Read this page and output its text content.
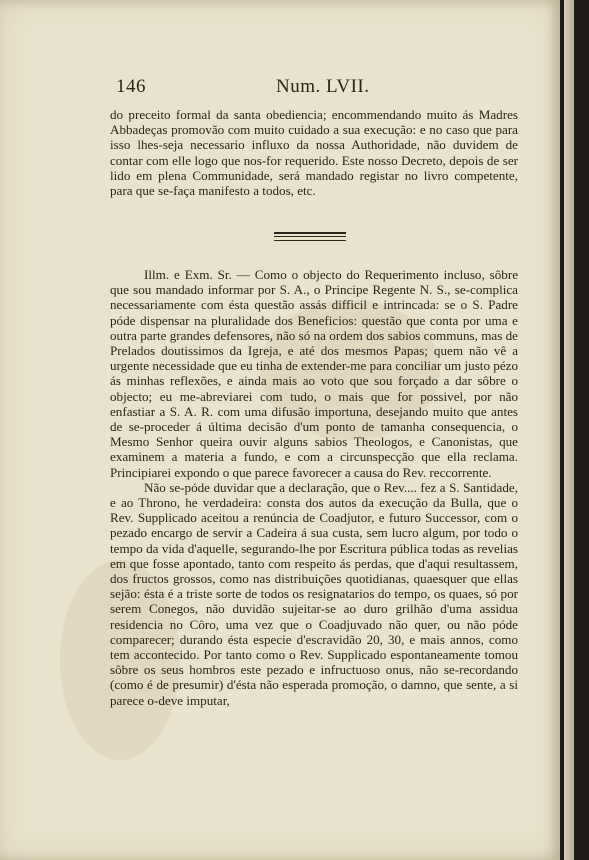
146	Num. LVII.

do preceito formal da santa obediencia; encommendando muito ás Madres Abbadeças promovão com muito cuidado a sua execução: e no caso que para isso lhes-seja necessario influxo da nossa Authoridade, não duvidem de contar com elle logo que nos-for requerido. Este nosso Decreto, depois de ser lido em plena Communidade, será mandado registar no livro competente, para que se-faça manifesto a todos, etc.

Illm. e Exm. Sr. — Como o objecto do Requerimento incluso, sôbre que sou mandado informar por S. A., o Principe Regente N. S., se-complica necessariamente com ésta questão assás difficil e intrincada: se o S. Padre póde dispensar na pluralidade dos Beneficios: questão que conta por uma e outra parte grandes defensores, não só na ordem dos sabios communs, mas de Prelados doutissimos da Igreja, e até dos mesmos Papas; quem não vê a urgente necessidade que eu tinha de extender-me para conciliar um justo pézo ás minhas reflexões, e ainda mais ao voto que sou forçado a dar sôbre o objecto; eu me-abreviarei com tudo, o mais que for possivel, por não enfastiar a S. A. R. com uma difusão importuna, desejando muito que antes de se-proceder á última decisão d'um ponto de tamanha consequencia, o Mesmo Senhor queira ouvir alguns sabios Theologos, e Canonistas, que examinem a materia a fundo, e com a circunspecção que ella reclama. Principiarei expondo o que parece favorecer a causa do Rev. reccorrente.

Não se-póde duvidar que a declaração, que o Rev.... fez a S. Santidade, e ao Throno, he verdadeira: consta dos autos da execução da Bulla, que o Rev. Supplicado aceitou a renúncia de Coadjutor, e futuro Successor, com o pezado encargo de servir a Cadeira á sua custa, sem lucro algum, por todo o tempo da vida d'aquelle, segurando-lhe por Escritura pública todas as revelias em que fosse apontado, tanto com respeito ás perdas, que d'aqui resultassem, dos fructos grossos, como nas distribuições quotidianas, quaesquer que ellas sejão: ésta é a triste sorte de todos os resignatarios do tempo, os quaes, só por serem Conegos, não duvidão sujeitar-se ao duro grilhão d'uma assidua residencia no Côro, uma vez que o Coadjuvado não quer, ou não póde comparecer; durando ésta especie d'escravidão 20, 30, e mais annos, como tem accontecido. Por tanto como o Rev. Supplicado espontaneamente tomou sôbre os seus hombros este pezado e infructuoso onus, não se-recordando (como é de presumir) d'ésta não esperada promoção, o damno, que sente, a si parece o-deve imputar,
